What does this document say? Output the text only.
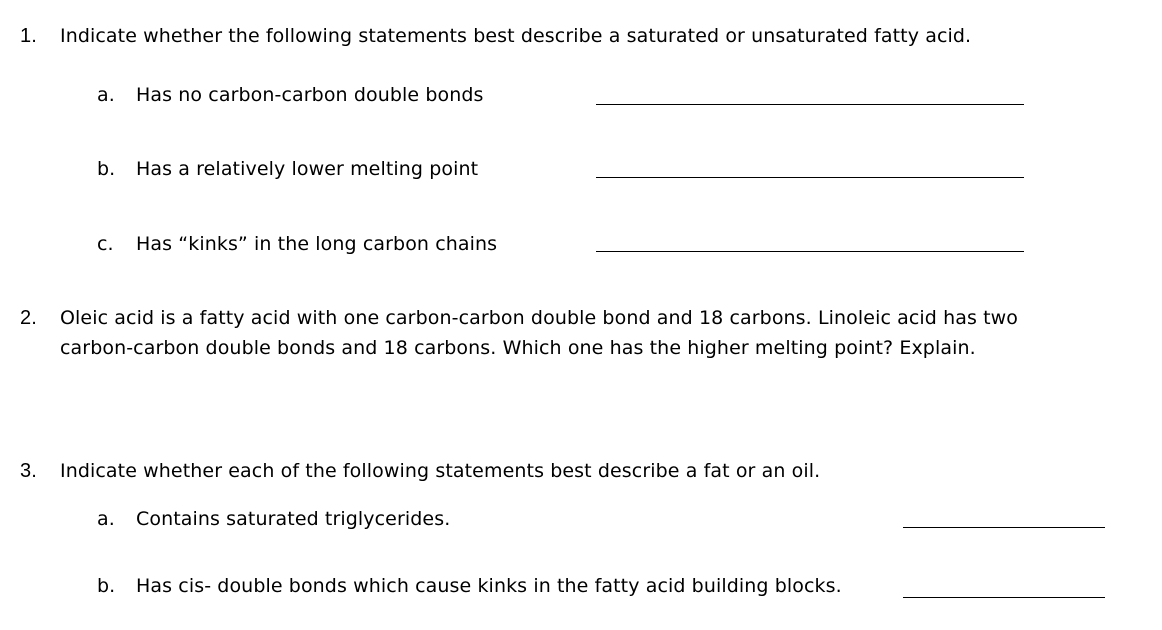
1. Indicate whether the following statements best describe a saturated or unsaturated fatty acid.
a. Has no carbon-carbon double bonds
b. Has a relatively lower melting point
c. Has “kinks” in the long carbon chains
2. Oleic acid is a fatty acid with one carbon-carbon double bond and 18 carbons. Linoleic acid has two
carbon-carbon double bonds and 18 carbons. Which one has the higher melting point? Explain.
3. Indicate whether each of the following statements best describe a fat or an oil.
a. Contains saturated triglycerides.
b. Has cis- double bonds which cause kinks in the fatty acid building blocks.
